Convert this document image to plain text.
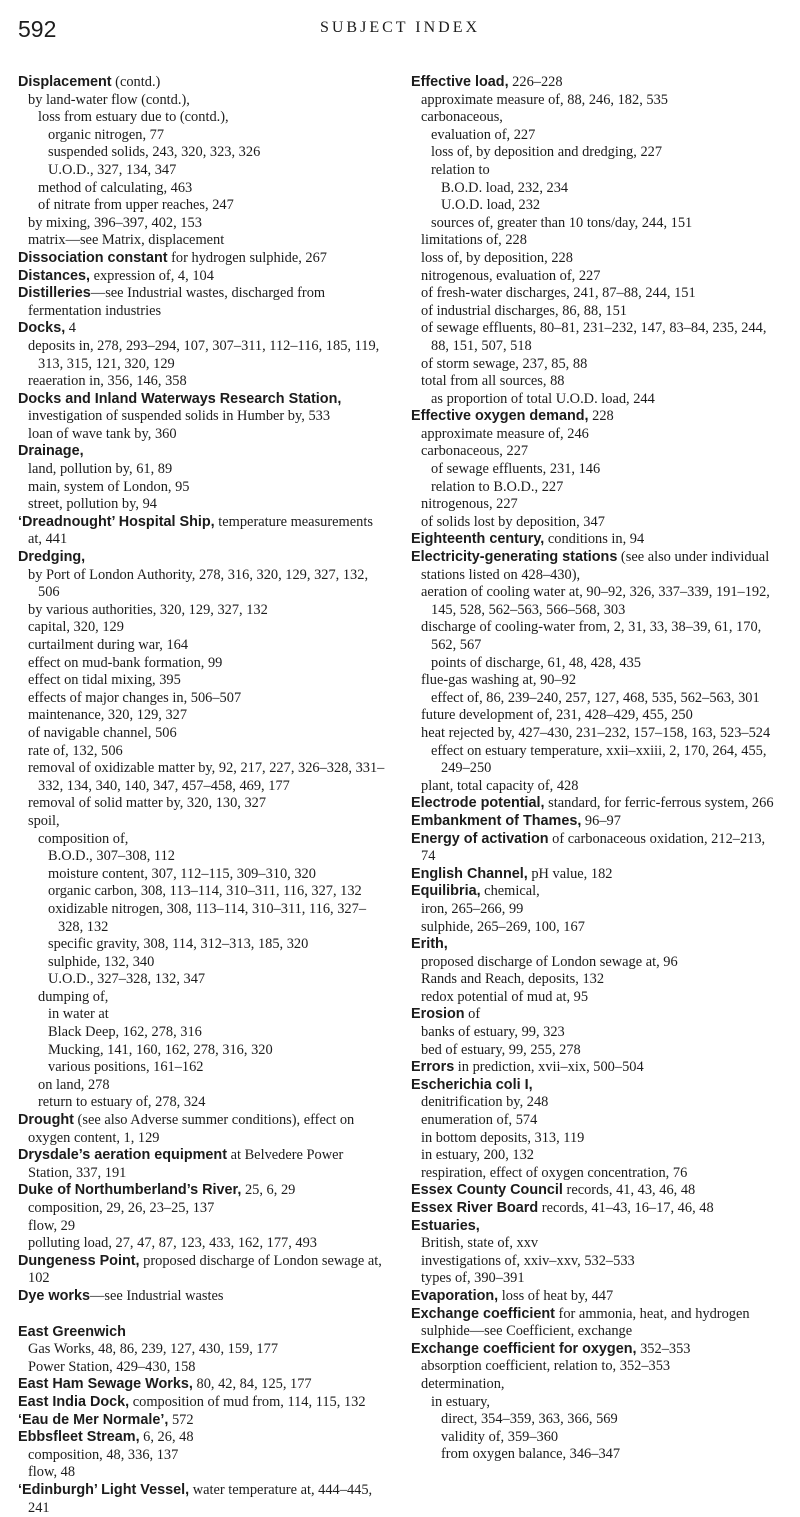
592	SUBJECT INDEX
Displacement (contd.)
by land-water flow (contd.),
loss from estuary due to (contd.),
organic nitrogen, 77
suspended solids, 243, 320, 323, 326
U.O.D., 327, 134, 347
method of calculating, 463
of nitrate from upper reaches, 247
by mixing, 396–397, 402, 153
matrix—see Matrix, displacement
Dissociation constant for hydrogen sulphide, 267
Distances, expression of, 4, 104
Distilleries—see Industrial wastes, discharged from fermentation industries
Docks, 4
deposits in, 278, 293–294, 107, 307–311, 112–116, 185, 119, 313, 315, 121, 320, 129
reaeration in, 356, 146, 358
Docks and Inland Waterways Research Station, investigation of suspended solids in Humber by, 533
loan of wave tank by, 360
Drainage,
land, pollution by, 61, 89
main, system of London, 95
street, pollution by, 94
‘Dreadnought’ Hospital Ship, temperature measurements at, 441
Dredging,
by Port of London Authority, 278, 316, 320, 129, 327, 132, 506
by various authorities, 320, 129, 327, 132
capital, 320, 129
curtailment during war, 164
effect on mud-bank formation, 99
effect on tidal mixing, 395
effects of major changes in, 506–507
maintenance, 320, 129, 327
of navigable channel, 506
rate of, 132, 506
removal of oxidizable matter by, 92, 217, 227, 326–328, 331–332, 134, 340, 140, 347, 457–458, 469, 177
removal of solid matter by, 320, 130, 327
spoil,
composition of,
B.O.D., 307–308, 112
moisture content, 307, 112–115, 309–310, 320
organic carbon, 308, 113–114, 310–311, 116, 327, 132
oxidizable nitrogen, 308, 113–114, 310–311, 116, 327–328, 132
specific gravity, 308, 114, 312–313, 185, 320
sulphide, 132, 340
U.O.D., 327–328, 132, 347
dumping of,
in water at
Black Deep, 162, 278, 316
Mucking, 141, 160, 162, 278, 316, 320
various positions, 161–162
on land, 278
return to estuary of, 278, 324
Drought (see also Adverse summer conditions), effect on oxygen content, 1, 129
Drysdale’s aeration equipment at Belvedere Power Station, 337, 191
Duke of Northumberland’s River, 25, 6, 29
composition, 29, 26, 23–25, 137
flow, 29
polluting load, 27, 47, 87, 123, 433, 162, 177, 493
Dungeness Point, proposed discharge of London sewage at, 102
Dye works—see Industrial wastes
East Greenwich
Gas Works, 48, 86, 239, 127, 430, 159, 177
Power Station, 429–430, 158
East Ham Sewage Works, 80, 42, 84, 125, 177
East India Dock, composition of mud from, 114, 115, 132
‘Eau de Mer Normale’, 572
Ebbsfleet Stream, 6, 26, 48
composition, 48, 336, 137
flow, 48
‘Edinburgh’ Light Vessel, water temperature at, 444–445, 241
Effective load, 226–228
approximate measure of, 88, 246, 182, 535
carbonaceous,
evaluation of, 227
loss of, by deposition and dredging, 227
relation to
B.O.D. load, 232, 234
U.O.D. load, 232
sources of, greater than 10 tons/day, 244, 151
limitations of, 228
loss of, by deposition, 228
nitrogenous, evaluation of, 227
of fresh-water discharges, 241, 87–88, 244, 151
of industrial discharges, 86, 88, 151
of sewage effluents, 80–81, 231–232, 147, 83–84, 235, 244, 88, 151, 507, 518
of storm sewage, 237, 85, 88
total from all sources, 88
as proportion of total U.O.D. load, 244
Effective oxygen demand, 228
approximate measure of, 246
carbonaceous, 227
of sewage effluents, 231, 146
relation to B.O.D., 227
nitrogenous, 227
of solids lost by deposition, 347
Eighteenth century, conditions in, 94
Electricity-generating stations (see also under individual stations listed on 428–430),
aeration of cooling water at, 90–92, 326, 337–339, 191–192, 145, 528, 562–563, 566–568, 303
discharge of cooling-water from, 2, 31, 33, 38–39, 61, 170, 562, 567
points of discharge, 61, 48, 428, 435
flue-gas washing at, 90–92
effect of, 86, 239–240, 257, 127, 468, 535, 562–563, 301
future development of, 231, 428–429, 455, 250
heat rejected by, 427–430, 231–232, 157–158, 163, 523–524
effect on estuary temperature, xxii–xxiii, 2, 170, 264, 455, 249–250
plant, total capacity of, 428
Electrode potential, standard, for ferric-ferrous system, 266
Embankment of Thames, 96–97
Energy of activation of carbonaceous oxidation, 212–213, 74
English Channel, pH value, 182
Equilibria, chemical,
iron, 265–266, 99
sulphide, 265–269, 100, 167
Erith,
proposed discharge of London sewage at, 96
Rands and Reach, deposits, 132
redox potential of mud at, 95
Erosion of
banks of estuary, 99, 323
bed of estuary, 99, 255, 278
Errors in prediction, xvii–xix, 500–504
Escherichia coli I,
denitrification by, 248
enumeration of, 574
in bottom deposits, 313, 119
in estuary, 200, 132
respiration, effect of oxygen concentration, 76
Essex County Council records, 41, 43, 46, 48
Essex River Board records, 41–43, 16–17, 46, 48
Estuaries,
British, state of, xxv
investigations of, xxiv–xxv, 532–533
types of, 390–391
Evaporation, loss of heat by, 447
Exchange coefficient for ammonia, heat, and hydrogen sulphide—see Coefficient, exchange
Exchange coefficient for oxygen, 352–353
absorption coefficient, relation to, 352–353
determination,
in estuary,
direct, 354–359, 363, 366, 569
validity of, 359–360
from oxygen balance, 346–347
